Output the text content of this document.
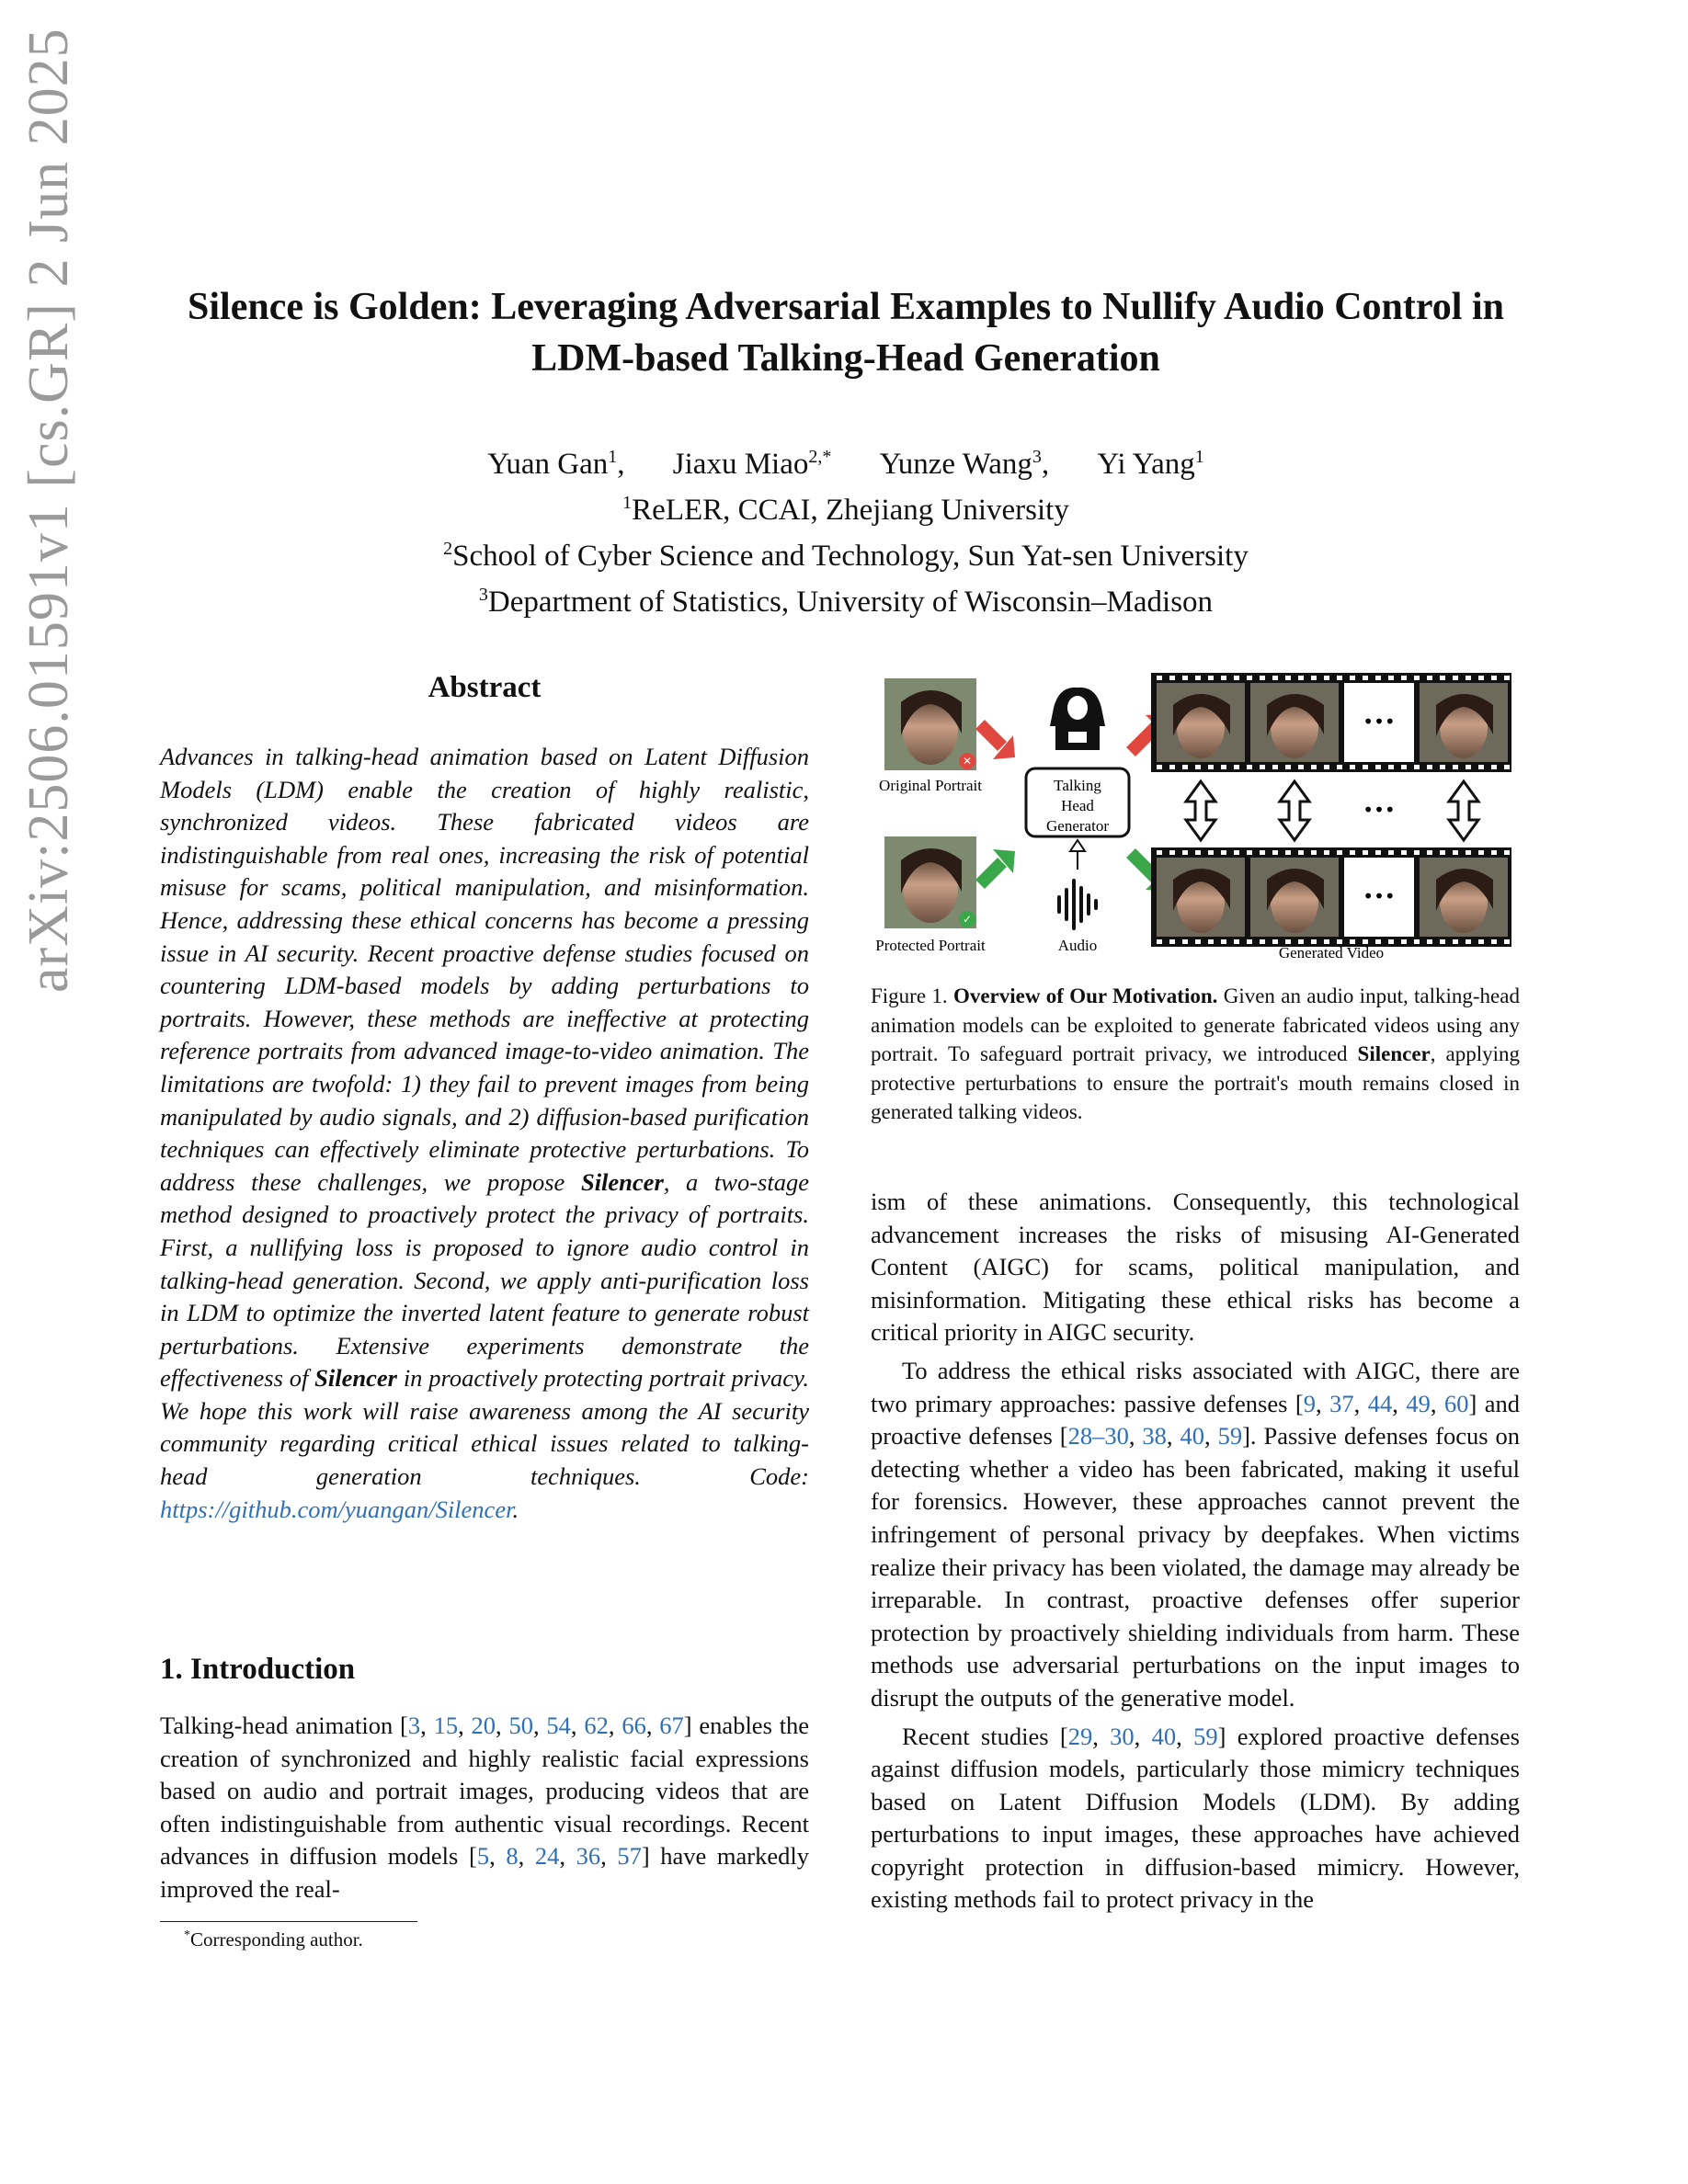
arXiv:2506.01591v1 [cs.GR] 2 Jun 2025	Silence is Golden: Leveraging Adversarial Examples to Nullify Audio Control in
LDM-based Talking-Head Generation
Yuan Gan$^1$, Jiaxu Miao$^{2,*}$ Yunze Wang$^3$, Yi Yang$^1$
$^1$ReLER, CCAI, Zhejiang University
$^2$School of Cyber Science and Technology, Sun Yat-sen University
$^3$Department of Statistics, University of Wisconsin–Madison
Abstract
Advances in talking-head animation based on Latent Diffusion Models (LDM) enable the creation of highly realistic, synchronized videos. These fabricated videos are indistinguishable from real ones, increasing the risk of potential misuse for scams, political manipulation, and misinformation. Hence, addressing these ethical concerns has become a pressing issue in AI security. Recent proactive defense studies focused on countering LDM-based models by adding perturbations to portraits. However, these methods are ineffective at protecting reference portraits from advanced image-to-video animation. The limitations are twofold: 1) they fail to prevent images from being manipulated by audio signals, and 2) diffusion-based purification techniques can effectively eliminate protective perturbations. To address these challenges, we propose Silencer, a two-stage method designed to proactively protect the privacy of portraits. First, a nullifying loss is proposed to ignore audio control in talking-head generation. Second, we apply anti-purification loss in LDM to optimize the inverted latent feature to generate robust perturbations. Extensive experiments demonstrate the effectiveness of Silencer in proactively protecting portrait privacy. We hope this work will raise awareness among the AI security community regarding critical ethical issues related to talking-head generation techniques. Code: https://github.com/yuangan/Silencer.
1. Introduction

Talking-head animation [3, 15, 20, 50, 54, 62, 66, 67] enables the creation of synchronized and highly realistic facial expressions based on audio and portrait images, producing videos that are often indistinguishable from authentic visual recordings. Recent advances in diffusion models [5, 8, 24, 36, 57] have markedly improved the real-

*Corresponding author.
✕
Original Portrait
✓
Protected Portrait
Talking
Head
Generator
Audio
•••
•••
•••
Generated Video
Figure 1. Overview of Our Motivation. Given an audio input, talking-head animation models can be exploited to generate fabricated videos using any portrait. To safeguard portrait privacy, we introduced Silencer, applying protective perturbations to ensure the portrait's mouth remains closed in generated talking videos.

ism of these animations. Consequently, this technological advancement increases the risks of misusing AI-Generated Content (AIGC) for scams, political manipulation, and misinformation. Mitigating these ethical risks has become a critical priority in AIGC security.

To address the ethical risks associated with AIGC, there are two primary approaches: passive defenses [9, 37, 44, 49, 60] and proactive defenses [28–30, 38, 40, 59]. Passive defenses focus on detecting whether a video has been fabricated, making it useful for forensics. However, these approaches cannot prevent the infringement of personal privacy by deepfakes. When victims realize their privacy has been violated, the damage may already be irreparable. In contrast, proactive defenses offer superior protection by proactively shielding individuals from harm. These methods use adversarial perturbations on the input images to disrupt the outputs of the generative model.

Recent studies [29, 30, 40, 59] explored proactive defenses against diffusion models, particularly those mimicry techniques based on Latent Diffusion Models (LDM). By adding perturbations to input images, these approaches have achieved copyright protection in diffusion-based mimicry. However, existing methods fail to protect privacy in the
